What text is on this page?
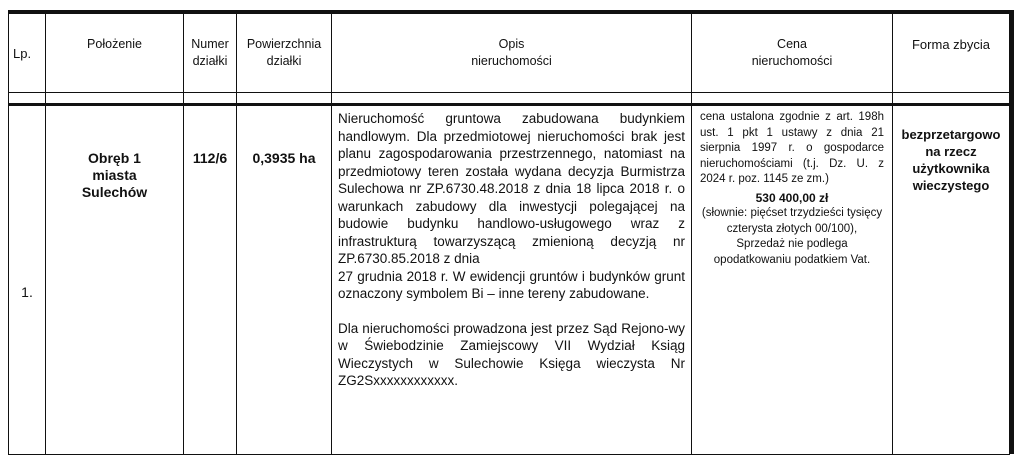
Lp.
Położenie	Numer
działki
Powierzchnia
działki
Opis
nieruchomości
Cena
nieruchomości
Forma zbycia
1.
Obręb 1
miasta
Sulechów
112/6	0,3935 ha

Nieruchomość gruntowa zabudowana budynkiem handlowym. Dla przedmiotowej nieruchomości brak jest planu zagospodarowania przestrzennego, natomiast na przedmiotowy teren została wydana decyzja Burmistrza Sulechowa nr ZP.6730.48.2018 z dnia 18 lipca 2018 r. o warunkach zabudowy dla inwestycji polegającej na budowie budynku handlowo-usługowego wraz z infrastrukturą towarzyszącą zmienioną decyzją nr ZP.6730.85.2018 z dnia

27 grudnia 2018 r. W ewidencji gruntów i budynków grunt oznaczony symbolem Bi – inne tereny zabudowane.

Dla nieruchomości prowadzona jest przez Sąd Rejono-wy w Świebodzinie Zamiejscowy VII Wydział Ksiąg Wieczystych w Sulechowie Księga wieczysta Nr ZG2Sxxxxxxxxxxxx.

cena ustalona zgodnie z art. 198h ust. 1 pkt 1 ustawy z dnia 21 sierpnia 1997 r. o gospodarce nieruchomościami (t.j. Dz. U. z 2024 r. poz. 1145 ze zm.)
530 400,00 zł
(słownie: pięćset trzydzieści tysięcy czterysta złotych 00/100),
Sprzedaż nie podlega opodatkowaniu podatkiem Vat.
bezprzetargowo
na rzecz
użytkownika
wieczystego
